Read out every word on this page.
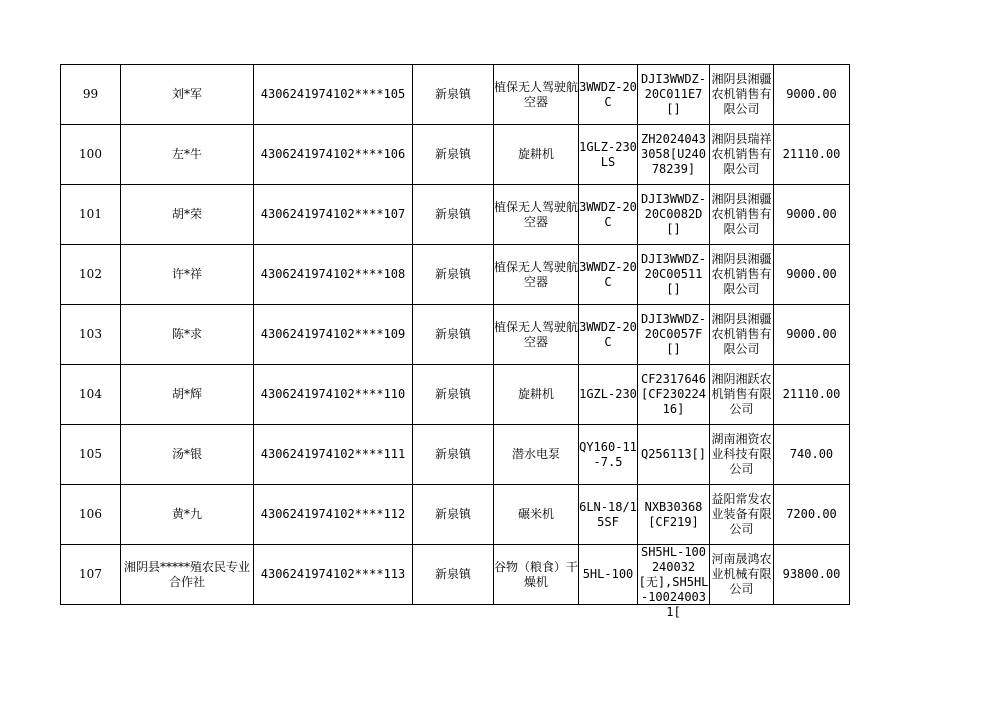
99	刘*军	4306241974102****105	新泉镇	植保无人驾驶航空器	3WWDZ-20C	DJI3WWDZ-20C011E7[]	湘阴县湘疆农机销售有限公司	9000.00

100	左*牛	4306241974102****106	新泉镇	旋耕机	1GLZ-230LS	ZH20240433058[U24078239]	湘阴县瑞祥农机销售有限公司	21110.00

101	胡*荣	4306241974102****107	新泉镇	植保无人驾驶航空器	3WWDZ-20C	DJI3WWDZ-20C0082D[]	湘阴县湘疆农机销售有限公司	9000.00

102	许*祥	4306241974102****108	新泉镇	植保无人驾驶航空器	3WWDZ-20C	DJI3WWDZ-20C00511[]	湘阴县湘疆农机销售有限公司	9000.00

103	陈*求	4306241974102****109	新泉镇	植保无人驾驶航空器	3WWDZ-20C	DJI3WWDZ-20C0057F[]	湘阴县湘疆农机销售有限公司	9000.00

104	胡*辉	4306241974102****110	新泉镇	旋耕机	1GZL-230	CF2317646[CF23022416]	湘阴湘跃农机销售有限公司	21110.00

105	汤*银	4306241974102****111	新泉镇	潜水电泵	QY160-11-7.5	Q256113[]	湖南湘资农业科技有限公司	740.00

106	黄*九	4306241974102****112	新泉镇	碾米机	6LN-18/15SF	NXB30368[CF219]	益阳常发农业装备有限公司	7200.00

107	湘阴县*****殖农民专业合作社	4306241974102****113	新泉镇	谷物（粮食）干燥机	5HL-100	SH5HL-100240032[无],SH5HL-100240031[	河南晟鸿农业机械有限公司	93800.00
